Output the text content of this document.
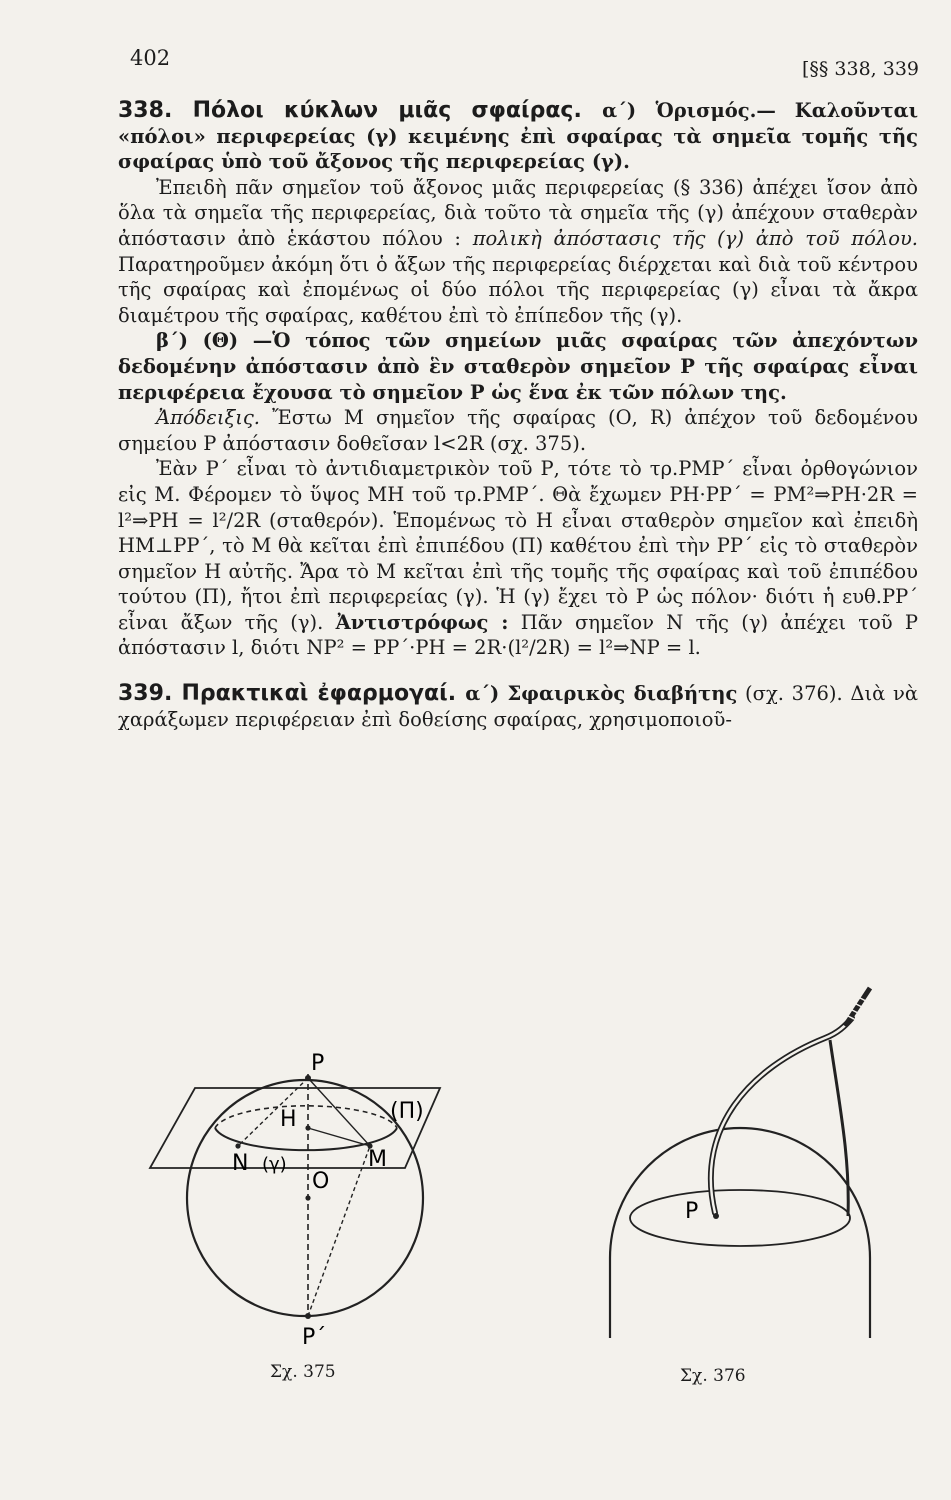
402	[§§ 338, 339

338. Πόλοι κύκλων μιᾶς σφαίρας. α΄) Ὁρισμός.— Καλοῦνται «πόλοι» περιφερείας (γ) κειμένης ἐπὶ σφαίρας τὰ σημεῖα τομῆς τῆς σφαίρας ὑπὸ τοῦ ἄξονος τῆς περιφερείας (γ).

Ἐπειδὴ πᾶν σημεῖον τοῦ ἄξονος μιᾶς περιφερείας (§ 336) ἀπέχει ἴσον ἀπὸ ὅλα τὰ σημεῖα τῆς περιφερείας, διὰ τοῦτο τὰ σημεῖα τῆς (γ) ἀπέχουν σταθερὰν ἀπόστασιν ἀπὸ ἑκάστου πόλου : πολικὴ ἀπόστασις τῆς (γ) ἀπὸ τοῦ πόλου. Παρατηροῦμεν ἀκόμη ὅτι ὁ ἄξων τῆς περιφερείας διέρχεται καὶ διὰ τοῦ κέντρου τῆς σφαίρας καὶ ἐπομένως οἱ δύο πόλοι τῆς περιφερείας (γ) εἶναι τὰ ἄκρα διαμέτρου τῆς σφαίρας, καθέτου ἐπὶ τὸ ἐπίπεδον τῆς (γ).

β΄) (Θ) —Ὁ τόπος τῶν σημείων μιᾶς σφαίρας τῶν ἀπεχόντων δεδομένην ἀπόστασιν ἀπὸ ἓν σταθερὸν σημεῖον Ρ τῆς σφαίρας εἶναι περιφέρεια ἔχουσα τὸ σημεῖον Ρ ὡς ἕνα ἐκ τῶν πόλων της.

Ἀπόδειξις. Ἔστω Μ σημεῖον τῆς σφαίρας (Ο, R) ἀπέχον τοῦ δεδομένου σημείου Ρ ἀπόστασιν δοθεῖσαν l<2R (σχ. 375).

Ἐὰν Ρ΄ εἶναι τὸ ἀντιδιαμετρικὸν τοῦ Ρ, τότε τὸ τρ.ΡΜΡ΄ εἶναι ὀρθογώνιον εἰς Μ. Φέρομεν τὸ ὕψος ΜΗ τοῦ τρ.ΡΜΡ΄. Θὰ ἔχωμεν ΡΗ·ΡΡ΄ = ΡΜ²⇒ΡΗ·2R = l²⇒ΡΗ = l²/2R (σταθερόν). Ἑπομένως τὸ Η εἶναι σταθερὸν σημεῖον καὶ ἐπειδὴ ΗΜ⊥ΡΡ΄, τὸ Μ θὰ κεῖται ἐπὶ ἐπιπέδου (Π) καθέτου ἐπὶ τὴν ΡΡ΄ εἰς τὸ σταθερὸν σημεῖον Η αὐτῆς. Ἄρα τὸ Μ κεῖται ἐπὶ τῆς τομῆς τῆς σφαίρας καὶ τοῦ ἐπιπέδου τούτου (Π), ἤτοι ἐπὶ περιφερείας (γ). Ἡ (γ) ἔχει τὸ Ρ ὡς πόλον· διότι ἡ ευθ.ΡΡ΄ εἶναι ἄξων τῆς (γ). Ἀντιστρόφως : Πᾶν σημεῖον Ν τῆς (γ) ἀπέχει τοῦ Ρ ἀπόστασιν l, διότι ΝΡ² = ΡΡ΄·ΡΗ = 2R·(l²/2R) = l²⇒ΝΡ = l.

339. Πρακτικαὶ ἐφαρμογαί. α΄) Σφαιρικὸς διαβήτης (σχ. 376). Διὰ νὰ χαράξωμεν περιφέρειαν ἐπὶ δοθείσης σφαίρας, χρησιμοποιοῦ-

P
H
N (γ)
O
M
(Π)
P΄
Σχ. 375
P
Σχ. 376
